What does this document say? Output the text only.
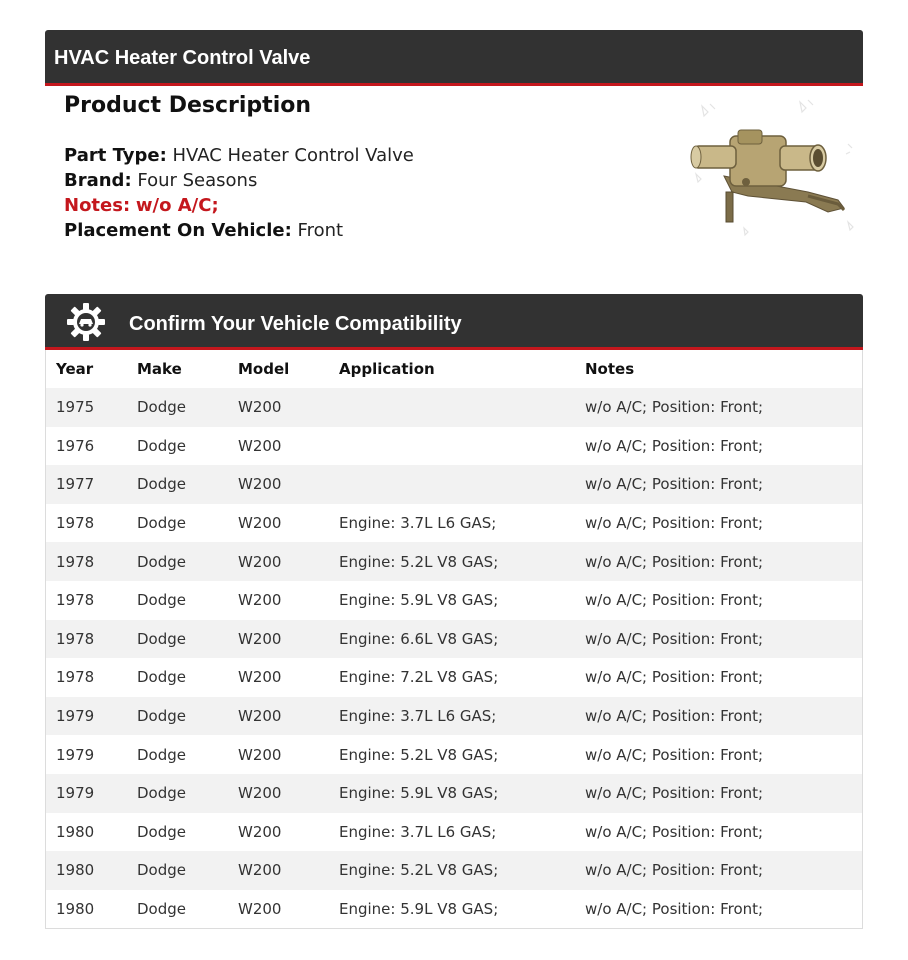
HVAC Heater Control Valve
Product Description
Part Type: HVAC Heater Control Valve
Brand: Four Seasons
Notes: w/o A/C;
Placement On Vehicle: Front
Confirm Your Vehicle Compatibility
Year	Make	Model	Application	Notes
1975	Dodge	W200		w/o A/C; Position: Front;
1976	Dodge	W200		w/o A/C; Position: Front;
1977	Dodge	W200		w/o A/C; Position: Front;
1978	Dodge	W200	Engine: 3.7L L6 GAS;	w/o A/C; Position: Front;
1978	Dodge	W200	Engine: 5.2L V8 GAS;	w/o A/C; Position: Front;
1978	Dodge	W200	Engine: 5.9L V8 GAS;	w/o A/C; Position: Front;
1978	Dodge	W200	Engine: 6.6L V8 GAS;	w/o A/C; Position: Front;
1978	Dodge	W200	Engine: 7.2L V8 GAS;	w/o A/C; Position: Front;
1979	Dodge	W200	Engine: 3.7L L6 GAS;	w/o A/C; Position: Front;
1979	Dodge	W200	Engine: 5.2L V8 GAS;	w/o A/C; Position: Front;
1979	Dodge	W200	Engine: 5.9L V8 GAS;	w/o A/C; Position: Front;
1980	Dodge	W200	Engine: 3.7L L6 GAS;	w/o A/C; Position: Front;
1980	Dodge	W200	Engine: 5.2L V8 GAS;	w/o A/C; Position: Front;
1980	Dodge	W200	Engine: 5.9L V8 GAS;	w/o A/C; Position: Front;
